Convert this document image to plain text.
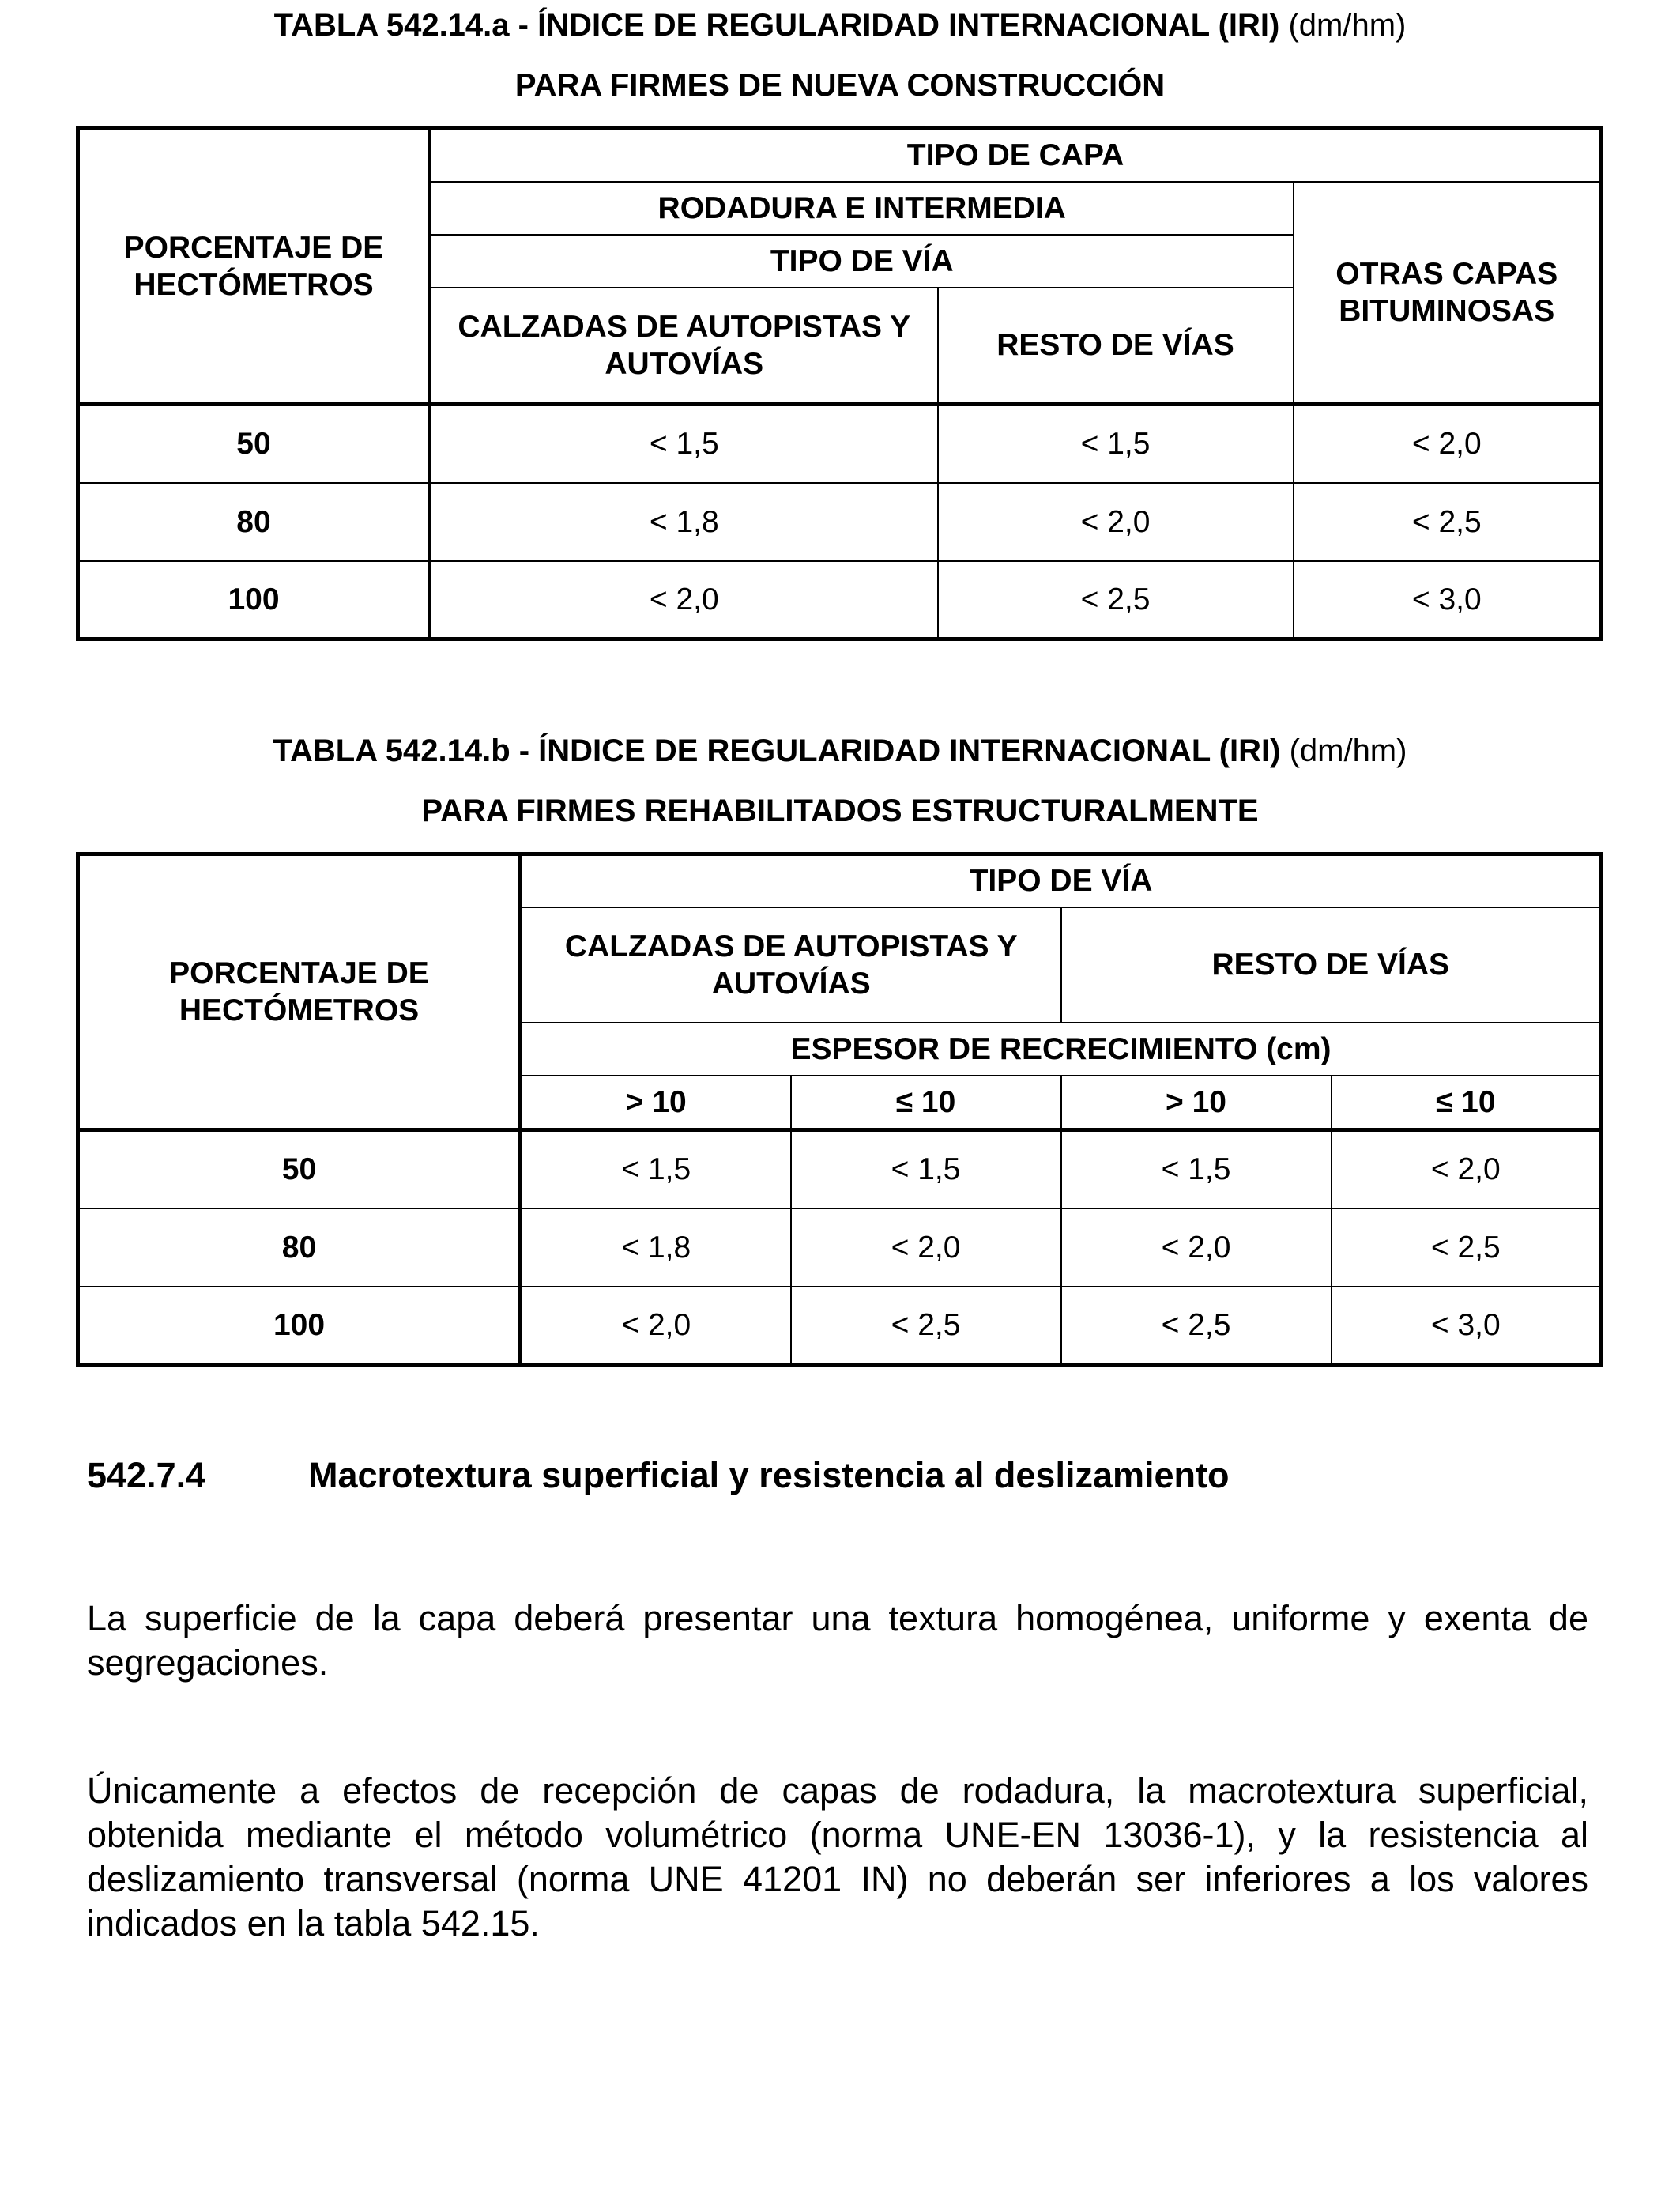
TABLA 542.14.a - ÍNDICE DE REGULARIDAD INTERNACIONAL (IRI) (dm/hm)
PARA FIRMES DE NUEVA CONSTRUCCIÓN
PORCENTAJE DE HECTÓMETROS	TIPO DE CAPA		
	RODADURA E INTERMEDIA		OTRAS CAPAS BITUMINOSAS
	TIPO DE VÍA		
	CALZADAS DE AUTOPISTAS Y AUTOVÍAS	RESTO DE VÍAS	
50	< 1,5	< 1,5	< 2,0
80	< 1,8	< 2,0	< 2,5
100	< 2,0	< 2,5	< 3,0
TABLA 542.14.b - ÍNDICE DE REGULARIDAD INTERNACIONAL (IRI) (dm/hm)
PARA FIRMES REHABILITADOS ESTRUCTURALMENTE
PORCENTAJE DE HECTÓMETROS	TIPO DE VÍA			
	CALZADAS DE AUTOPISTAS Y AUTOVÍAS		RESTO DE VÍAS	
	ESPESOR DE RECRECIMIENTO (cm)			
	> 10	≤ 10	> 10	≤ 10
50	< 1,5	< 1,5	< 1,5	< 2,0
80	< 1,8	< 2,0	< 2,0	< 2,5
100	< 2,0	< 2,5	< 2,5	< 3,0
542.7.4	Macrotextura superficial y resistencia al deslizamiento

La superficie de la capa deberá presentar una textura homogénea, uniforme y exenta de segregaciones.

Únicamente a efectos de recepción de capas de rodadura, la macrotextura superficial, obtenida mediante el método volumétrico (norma UNE-EN 13036-1), y la resistencia al deslizamiento transversal (norma UNE 41201 IN) no deberán ser inferiores a los valores indicados en la tabla 542.15.
